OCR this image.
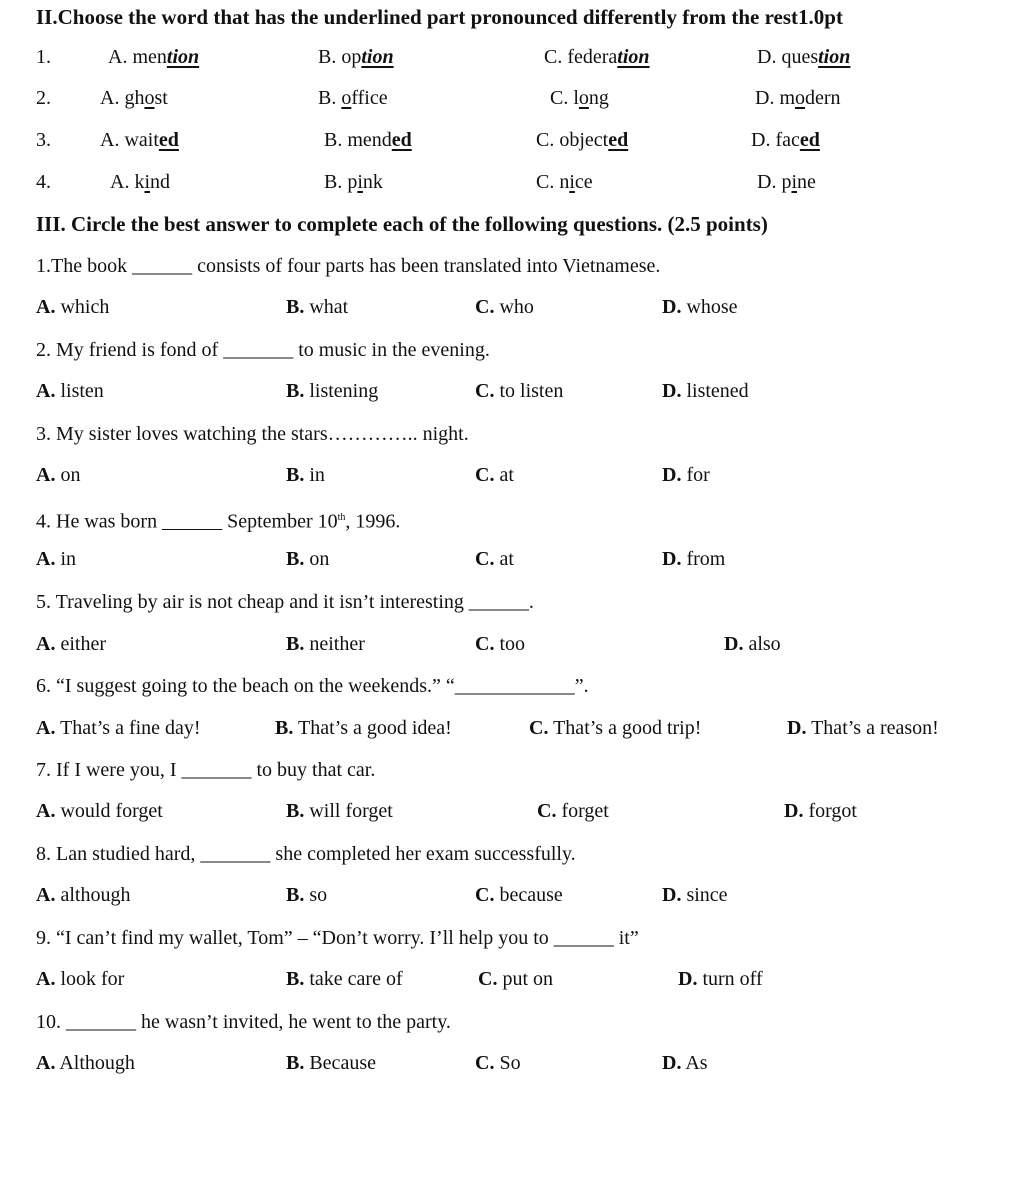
II.Choose the word that has the underlined part pronounced differently from the rest1.0pt
1.	A. mention	B. option	C. federation	D. question
2. A. ghost	B. office	C. long	D. modern
3. A. waited	B. mended	C. objected	D. faced
4.	A. kind	B. pink	C. nice	D. pine
III. Circle the best answer to complete each of the following questions. (2.5 points)
1.The book ______ consists of four parts has been translated into Vietnamese.
A. which	B. what	C. who	D. whose
2. My friend is fond of _______ to music in the evening.
A. listen	B. listening	C. to listen	D. listened
3. My sister loves watching the stars………….. night.
A. on	B. in	C. at	D. for
4. He was born ______ September 10th, 1996.
A. in	B. on	C. at	D. from
5. Traveling by air is not cheap and it isn’t interesting ______.
A. either	B. neither	C. too	D. also
6. “I suggest going to the beach on the weekends.” “____________”.
A. That’s a fine day!	B. That’s a good idea!	C. That’s a good trip!	D. That’s a reason!
7. If I were you, I _______ to buy that car.
A. would forget	B. will forget	C. forget	D. forgot
8. Lan studied hard, _______ she completed her exam successfully.
A. although	B. so	C. because	D. since
9. “I can’t find my wallet, Tom” – “Don’t worry. I’ll help you to ______ it”
A. look for	B. take care of	C. put on	D. turn off
10. _______ he wasn’t invited, he went to the party.
A. Although	B. Because	C. So	D. As
